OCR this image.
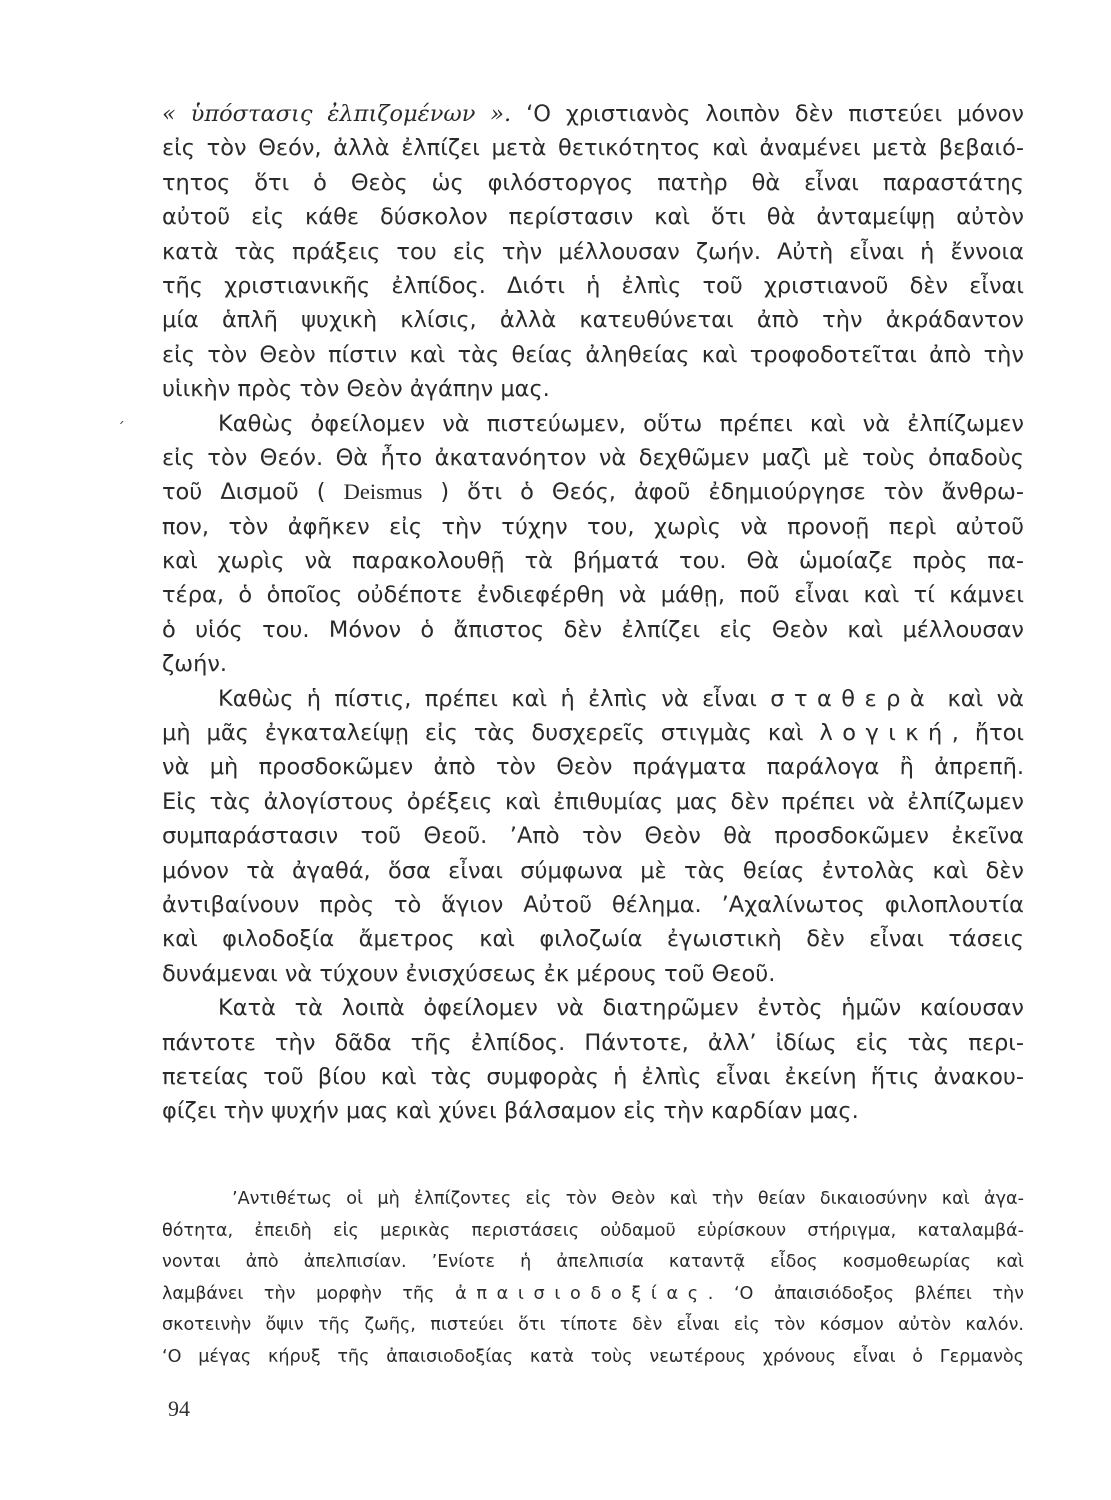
´
« ὑπόστασις ἐλπιζομένων ». ‘Ο χριστιανὸς λοιπὸν δὲν πιστεύει μόνον
εἰς τὸν Θεόν, ἀλλὰ ἐλπίζει μετὰ θετικότητος καὶ ἀναμένει μετὰ βεβαιό-
τητος ὅτι ὁ Θεὸς ὡς φιλόστοργος πατὴρ θὰ εἶναι παραστάτης
αὐτοῦ εἰς κάθε δύσκολον περίστασιν καὶ ὅτι θὰ ἀνταμείψῃ αὐτὸν
κατὰ τὰς πράξεις του εἰς τὴν μέλλουσαν ζωήν. Αὐτὴ εἶναι ἡ ἔννοια
τῆς χριστιανικῆς ἐλπίδος. Διότι ἡ ἐλπὶς τοῦ χριστιανοῦ δὲν εἶναι
μία ἁπλῆ ψυχικὴ κλίσις, ἀλλὰ κατευθύνεται ἀπὸ τὴν ἀκράδαντον
εἰς τὸν Θεὸν πίστιν καὶ τὰς θείας ἀληθείας καὶ τροφοδοτεῖται ἀπὸ τὴν
υἱικὴν πρὸς τὸν Θεὸν ἀγάπην μας.
Καθὼς ὀφείλομεν νὰ πιστεύωμεν, οὕτω πρέπει καὶ νὰ ἐλπίζωμεν
εἰς τὸν Θεόν. Θὰ ἦτο ἀκατανόητον νὰ δεχθῶμεν μαζὶ μὲ τοὺς ὀπαδοὺς
τοῦ Δισμοῦ ( Deismus ) ὅτι ὁ Θεός, ἀφοῦ ἐδημιούργησε τὸν ἄνθρω-
πον, τὸν ἀφῆκεν εἰς τὴν τύχην του, χωρὶς νὰ προνοῇ περὶ αὐτοῦ
καὶ χωρὶς νὰ παρακολουθῇ τὰ βήματά του. Θὰ ὡμοίαζε πρὸς πα-
τέρα, ὁ ὁποῖος οὐδέποτε ἐνδιεφέρθη νὰ μάθῃ, ποῦ εἶναι καὶ τί κάμνει
ὁ υἱός του. Μόνον ὁ ἄπιστος δὲν ἐλπίζει εἰς Θεὸν καὶ μέλλουσαν
ζωήν.
Καθὼς ἡ πίστις, πρέπει καὶ ἡ ἐλπὶς νὰ εἶναι σταθερὰ καὶ νὰ
μὴ μᾶς ἐγκαταλείψῃ εἰς τὰς δυσχερεῖς στιγμὰς καὶ λογική, ἤτοι
νὰ μὴ προσδοκῶμεν ἀπὸ τὸν Θεὸν πράγματα παράλογα ἢ ἀπρεπῆ.
Εἰς τὰς ἀλογίστους ὀρέξεις καὶ ἐπιθυμίας μας δὲν πρέπει νὰ ἐλπίζωμεν
συμπαράστασιν τοῦ Θεοῦ. ’Απὸ τὸν Θεὸν θὰ προσδοκῶμεν ἐκεῖνα
μόνον τὰ ἀγαθά, ὅσα εἶναι σύμφωνα μὲ τὰς θείας ἐντολὰς καὶ δὲν
ἀντιβαίνουν πρὸς τὸ ἅγιον Αὐτοῦ θέλημα. ’Αχαλίνωτος φιλοπλουτία
καὶ φιλοδοξία ἄμετρος καὶ φιλοζωία ἐγωιστικὴ δὲν εἶναι τάσεις
δυνάμεναι νὰ τύχουν ἐνισχύσεως ἐκ μέρους τοῦ Θεοῦ.
Κατὰ τὰ λοιπὰ ὀφείλομεν νὰ διατηρῶμεν ἐντὸς ἡμῶν καίουσαν
πάντοτε τὴν δᾶδα τῆς ἐλπίδος. Πάντοτε, ἀλλ’ ἰδίως εἰς τὰς περι-
πετείας τοῦ βίου καὶ τὰς συμφορὰς ἡ ἐλπὶς εἶναι ἐκείνη ἥτις ἀνακου-
φίζει τὴν ψυχήν μας καὶ χύνει βάλσαμον εἰς τὴν καρδίαν μας.
’Αντιθέτως οἱ μὴ ἐλπίζοντες εἰς τὸν Θεὸν καὶ τὴν θείαν δικαιοσύνην καὶ ἀγα-
θότητα, ἐπειδὴ εἰς μερικὰς περιστάσεις οὐδαμοῦ εὑρίσκουν στήριγμα, καταλαμβά-
νονται ἀπὸ ἀπελπισίαν. ’Ενίοτε ἡ ἀπελπισία καταντᾷ εἶδος κοσμοθεωρίας καὶ
λαμβάνει τὴν μορφὴν τῆς ἀπαισιοδοξίας. ‘Ο ἀπαισιόδοξος βλέπει τὴν
σκοτεινὴν ὄψιν τῆς ζωῆς, πιστεύει ὅτι τίποτε δὲν εἶναι εἰς τὸν κόσμον αὐτὸν καλόν.
‘Ο μέγας κήρυξ τῆς ἀπαισιοδοξίας κατὰ τοὺς νεωτέρους χρόνους εἶναι ὁ Γερμανὸς
94
